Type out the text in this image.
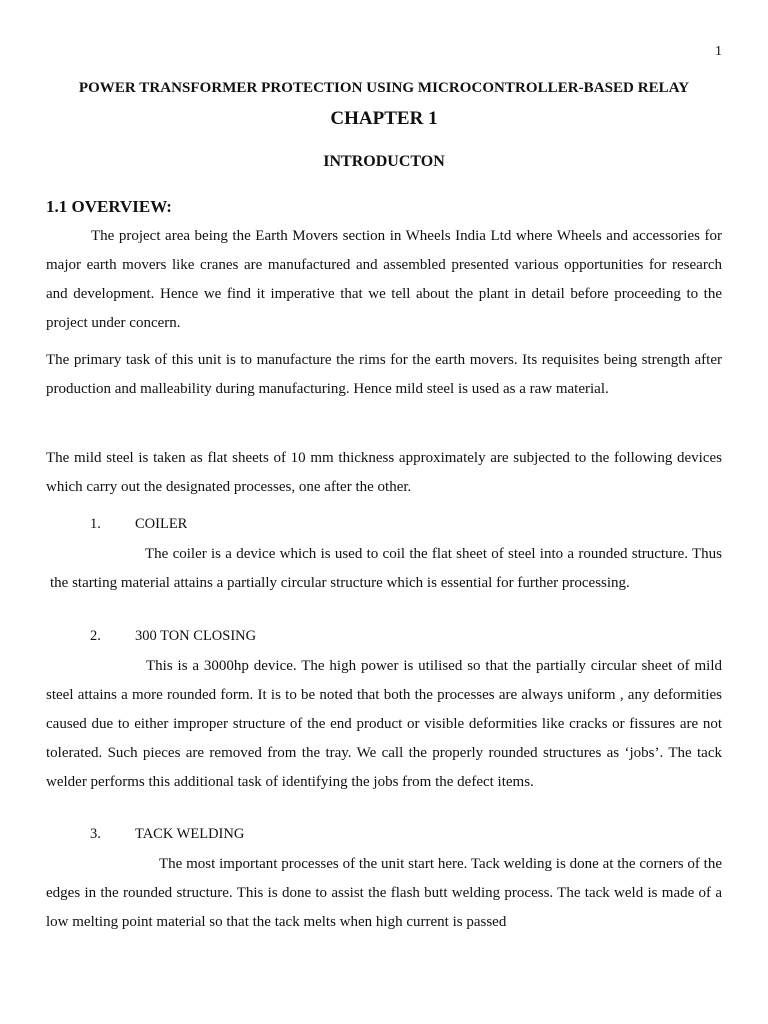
1
POWER TRANSFORMER PROTECTION USING MICROCONTROLLER-BASED RELAY
CHAPTER 1
INTRODUCTON
1.1 OVERVIEW:

The project area being the Earth Movers section in Wheels India Ltd where Wheels and accessories for major earth movers like cranes are manufactured and assembled presented various opportunities for research and development. Hence we find it imperative that we tell about the plant in detail before proceeding to the project under concern.

The primary task of this unit is to manufacture the rims for the earth movers. Its requisites being strength after production and malleability during manufacturing. Hence mild steel is used as a raw material.

The mild steel is taken as flat sheets of 10 mm thickness approximately are subjected to the following devices which carry out the designated processes, one after the other.

1. COILER

The coiler is a device which is used to coil the flat sheet of steel into a rounded structure. Thus the starting material attains a partially circular structure which is essential for further processing.

2. 300 TON CLOSING

This is a 3000hp device. The high power is utilised so that the partially circular sheet of mild steel attains a more rounded form. It is to be noted that both the processes are always uniform , any deformities caused due to either improper structure of the end product or visible deformities like cracks or fissures are not tolerated. Such pieces are removed from the tray. We call the properly rounded structures as ‘jobs’. The tack welder performs this additional task of identifying the jobs from the defect items.

3. TACK WELDING

The most important processes of the unit start here. Tack welding is done at the corners of the edges in the rounded structure. This is done to assist the flash butt welding process. The tack weld is made of a low melting point material so that the tack melts when high current is passed
